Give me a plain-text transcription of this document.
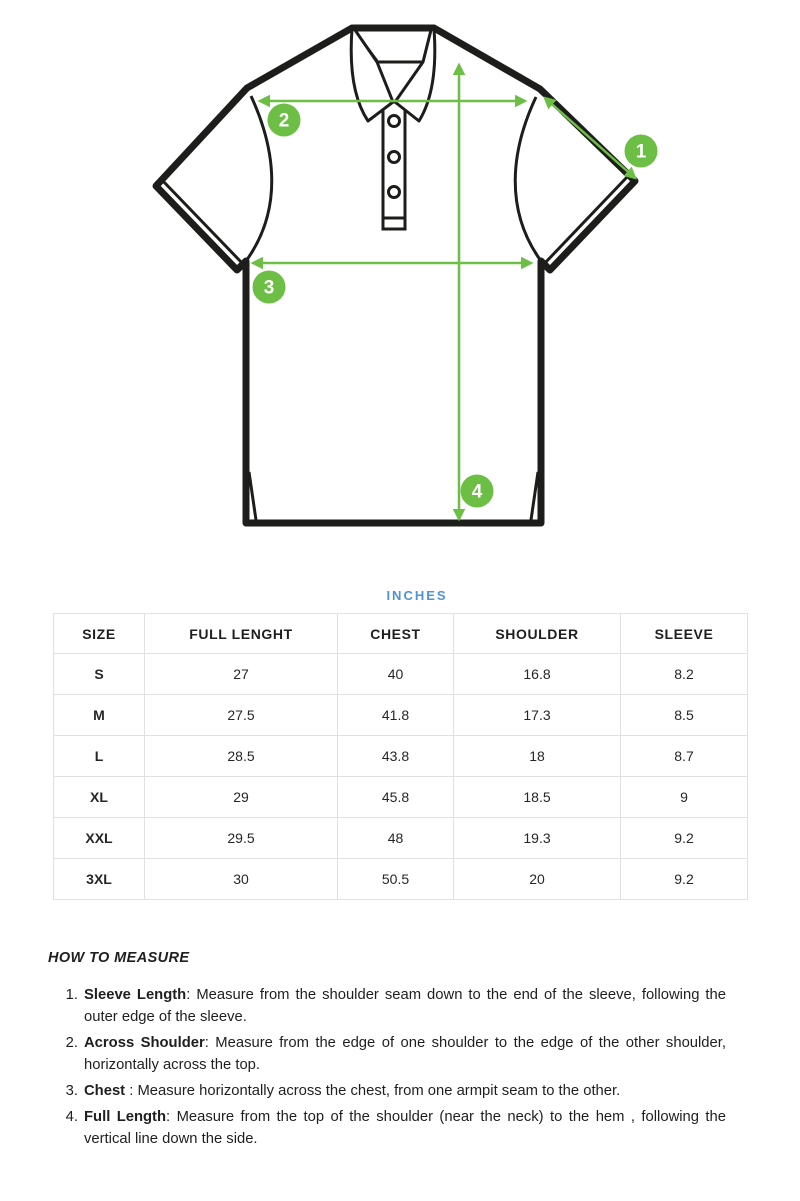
1
2
3
4
INCHES
SIZE	FULL LENGHT	CHEST	SHOULDER	SLEEVE
S	27	40	16.8	8.2
M	27.5	41.8	17.3	8.5
L	28.5	43.8	18	8.7
XL	29	45.8	18.5	9
XXL	29.5	48	19.3	9.2
3XL	30	50.5	20	9.2
HOW TO MEASURE
1. Sleeve Length: Measure from the shoulder seam down to the end of the sleeve, following the outer edge of the sleeve.
2. Across Shoulder: Measure from the edge of one shoulder to the edge of the other shoulder, horizontally across the top.
3. Chest : Measure horizontally across the chest, from one armpit seam to the other.
4. Full Length: Measure from the top of the shoulder (near the neck) to the hem , following the vertical line down the side.
